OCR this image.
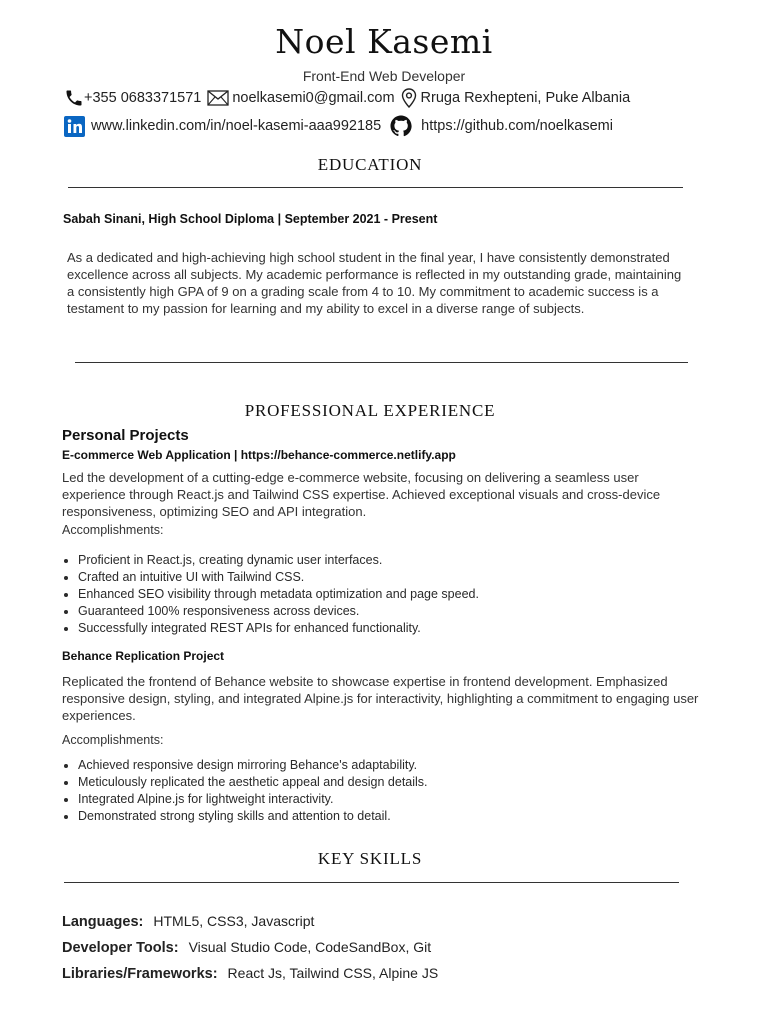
Noel Kasemi
Front-End Web Developer
+355 0683371571 noelkasemi0@gmail.com Rruga Rexhepteni, Puke Albania
www.linkedin.com/in/noel-kasemi-aaa992185	https://github.com/noelkasemi
EDUCATION
Sabah Sinani, High School Diploma | September 2021 - Present
As a dedicated and high-achieving high school student in the final year, I have consistently demonstrated excellence across all subjects. My academic performance is reflected in my outstanding grade, maintaining a consistently high GPA of 9 on a grading scale from 4 to 10. My commitment to academic success is a testament to my passion for learning and my ability to excel in a diverse range of subjects.
PROFESSIONAL EXPERIENCE
Personal Projects
E-commerce Web Application | https://behance-commerce.netlify.app
Led the development of a cutting-edge e-commerce website, focusing on delivering a seamless user experience through React.js and Tailwind CSS expertise. Achieved exceptional visuals and cross-device responsiveness, optimizing SEO and API integration.
Accomplishments:
• Proficient in React.js, creating dynamic user interfaces.
• Crafted an intuitive UI with Tailwind CSS.
• Enhanced SEO visibility through metadata optimization and page speed.
• Guaranteed 100% responsiveness across devices.
• Successfully integrated REST APIs for enhanced functionality.
Behance Replication Project
Replicated the frontend of Behance website to showcase expertise in frontend development. Emphasized responsive design, styling, and integrated Alpine.js for interactivity, highlighting a commitment to engaging user experiences.
Accomplishments:
• Achieved responsive design mirroring Behance's adaptability.
• Meticulously replicated the aesthetic appeal and design details.
• Integrated Alpine.js for lightweight interactivity.
• Demonstrated strong styling skills and attention to detail.
KEY SKILLS
Languages: HTML5, CSS3, Javascript
Developer Tools: Visual Studio Code, CodeSandBox, Git
Libraries/Frameworks: React Js, Tailwind CSS, Alpine JS
